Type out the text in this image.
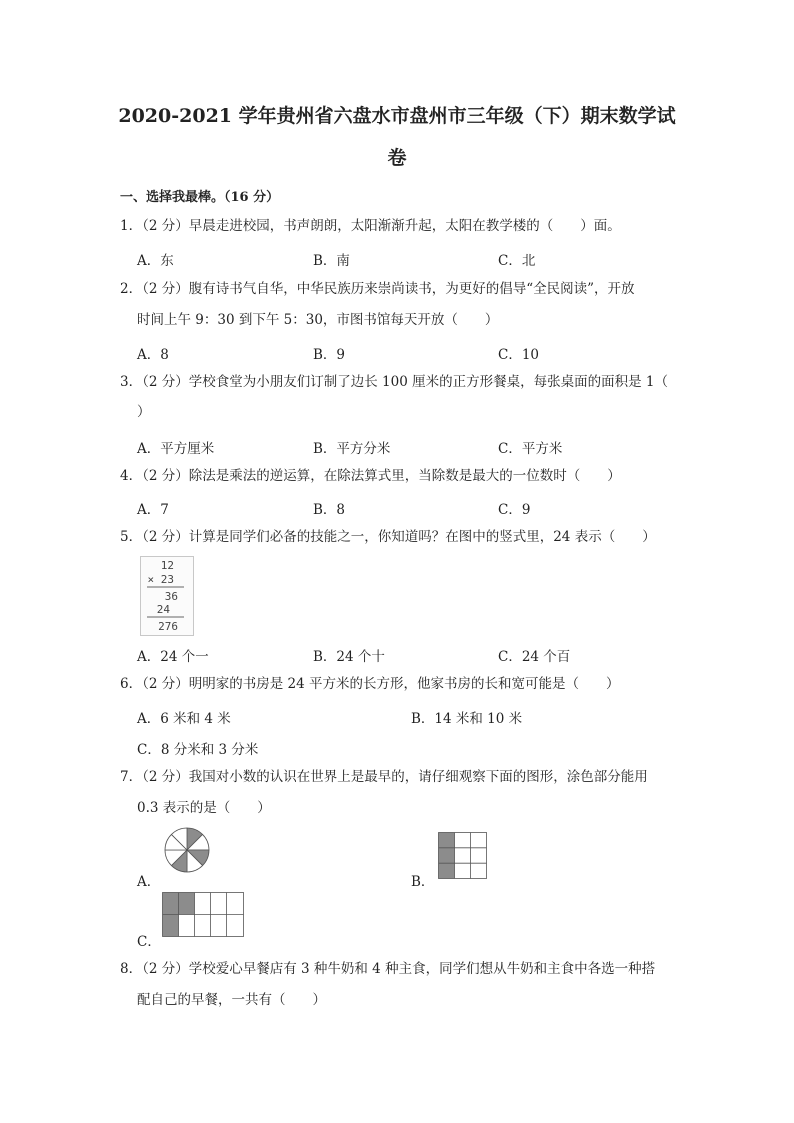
2020-2021 学年贵州省六盘水市盘州市三年级（下）期末数学试
卷
一、选择我最棒。（16 分）
1．（2 分）早晨走进校园，书声朗朗，太阳渐渐升起，太阳在教学楼的（　　）面。
A．东	B．南	C．北
2．（2 分）腹有诗书气自华，中华民族历来崇尚读书，为更好的倡导“全民阅读”，开放
时间上午 9：30 到下午 5：30，市图书馆每天开放（　　）
A．8	B．9	C．10
3．（2 分）学校食堂为小朋友们订制了边长 100 厘米的正方形餐桌，每张桌面的面积是 1（
）
A．平方厘米	B．平方分米	C．平方米
4．（2 分）除法是乘法的逆运算，在除法算式里，当除数是最大的一位数时（　　）
A．7	B．8	C．9
5．（2 分）计算是同学们必备的技能之一，你知道吗？在图中的竖式里，24 表示（　　）
12
× 23
36
24
276
A．24 个一	B．24 个十	C．24 个百
6．（2 分）明明家的书房是 24 平方米的长方形，他家书房的长和宽可能是（　　）
A．6 米和 4 米	B．14 米和 10 米
C．8 分米和 3 分米
7．（2 分）我国对小数的认识在世界上是最早的，请仔细观察下面的图形，涂色部分能用
0.3 表示的是（　　）
A．	B．
C．
8．（2 分）学校爱心早餐店有 3 种牛奶和 4 种主食，同学们想从牛奶和主食中各选一种搭
配自己的早餐，一共有（　　）
